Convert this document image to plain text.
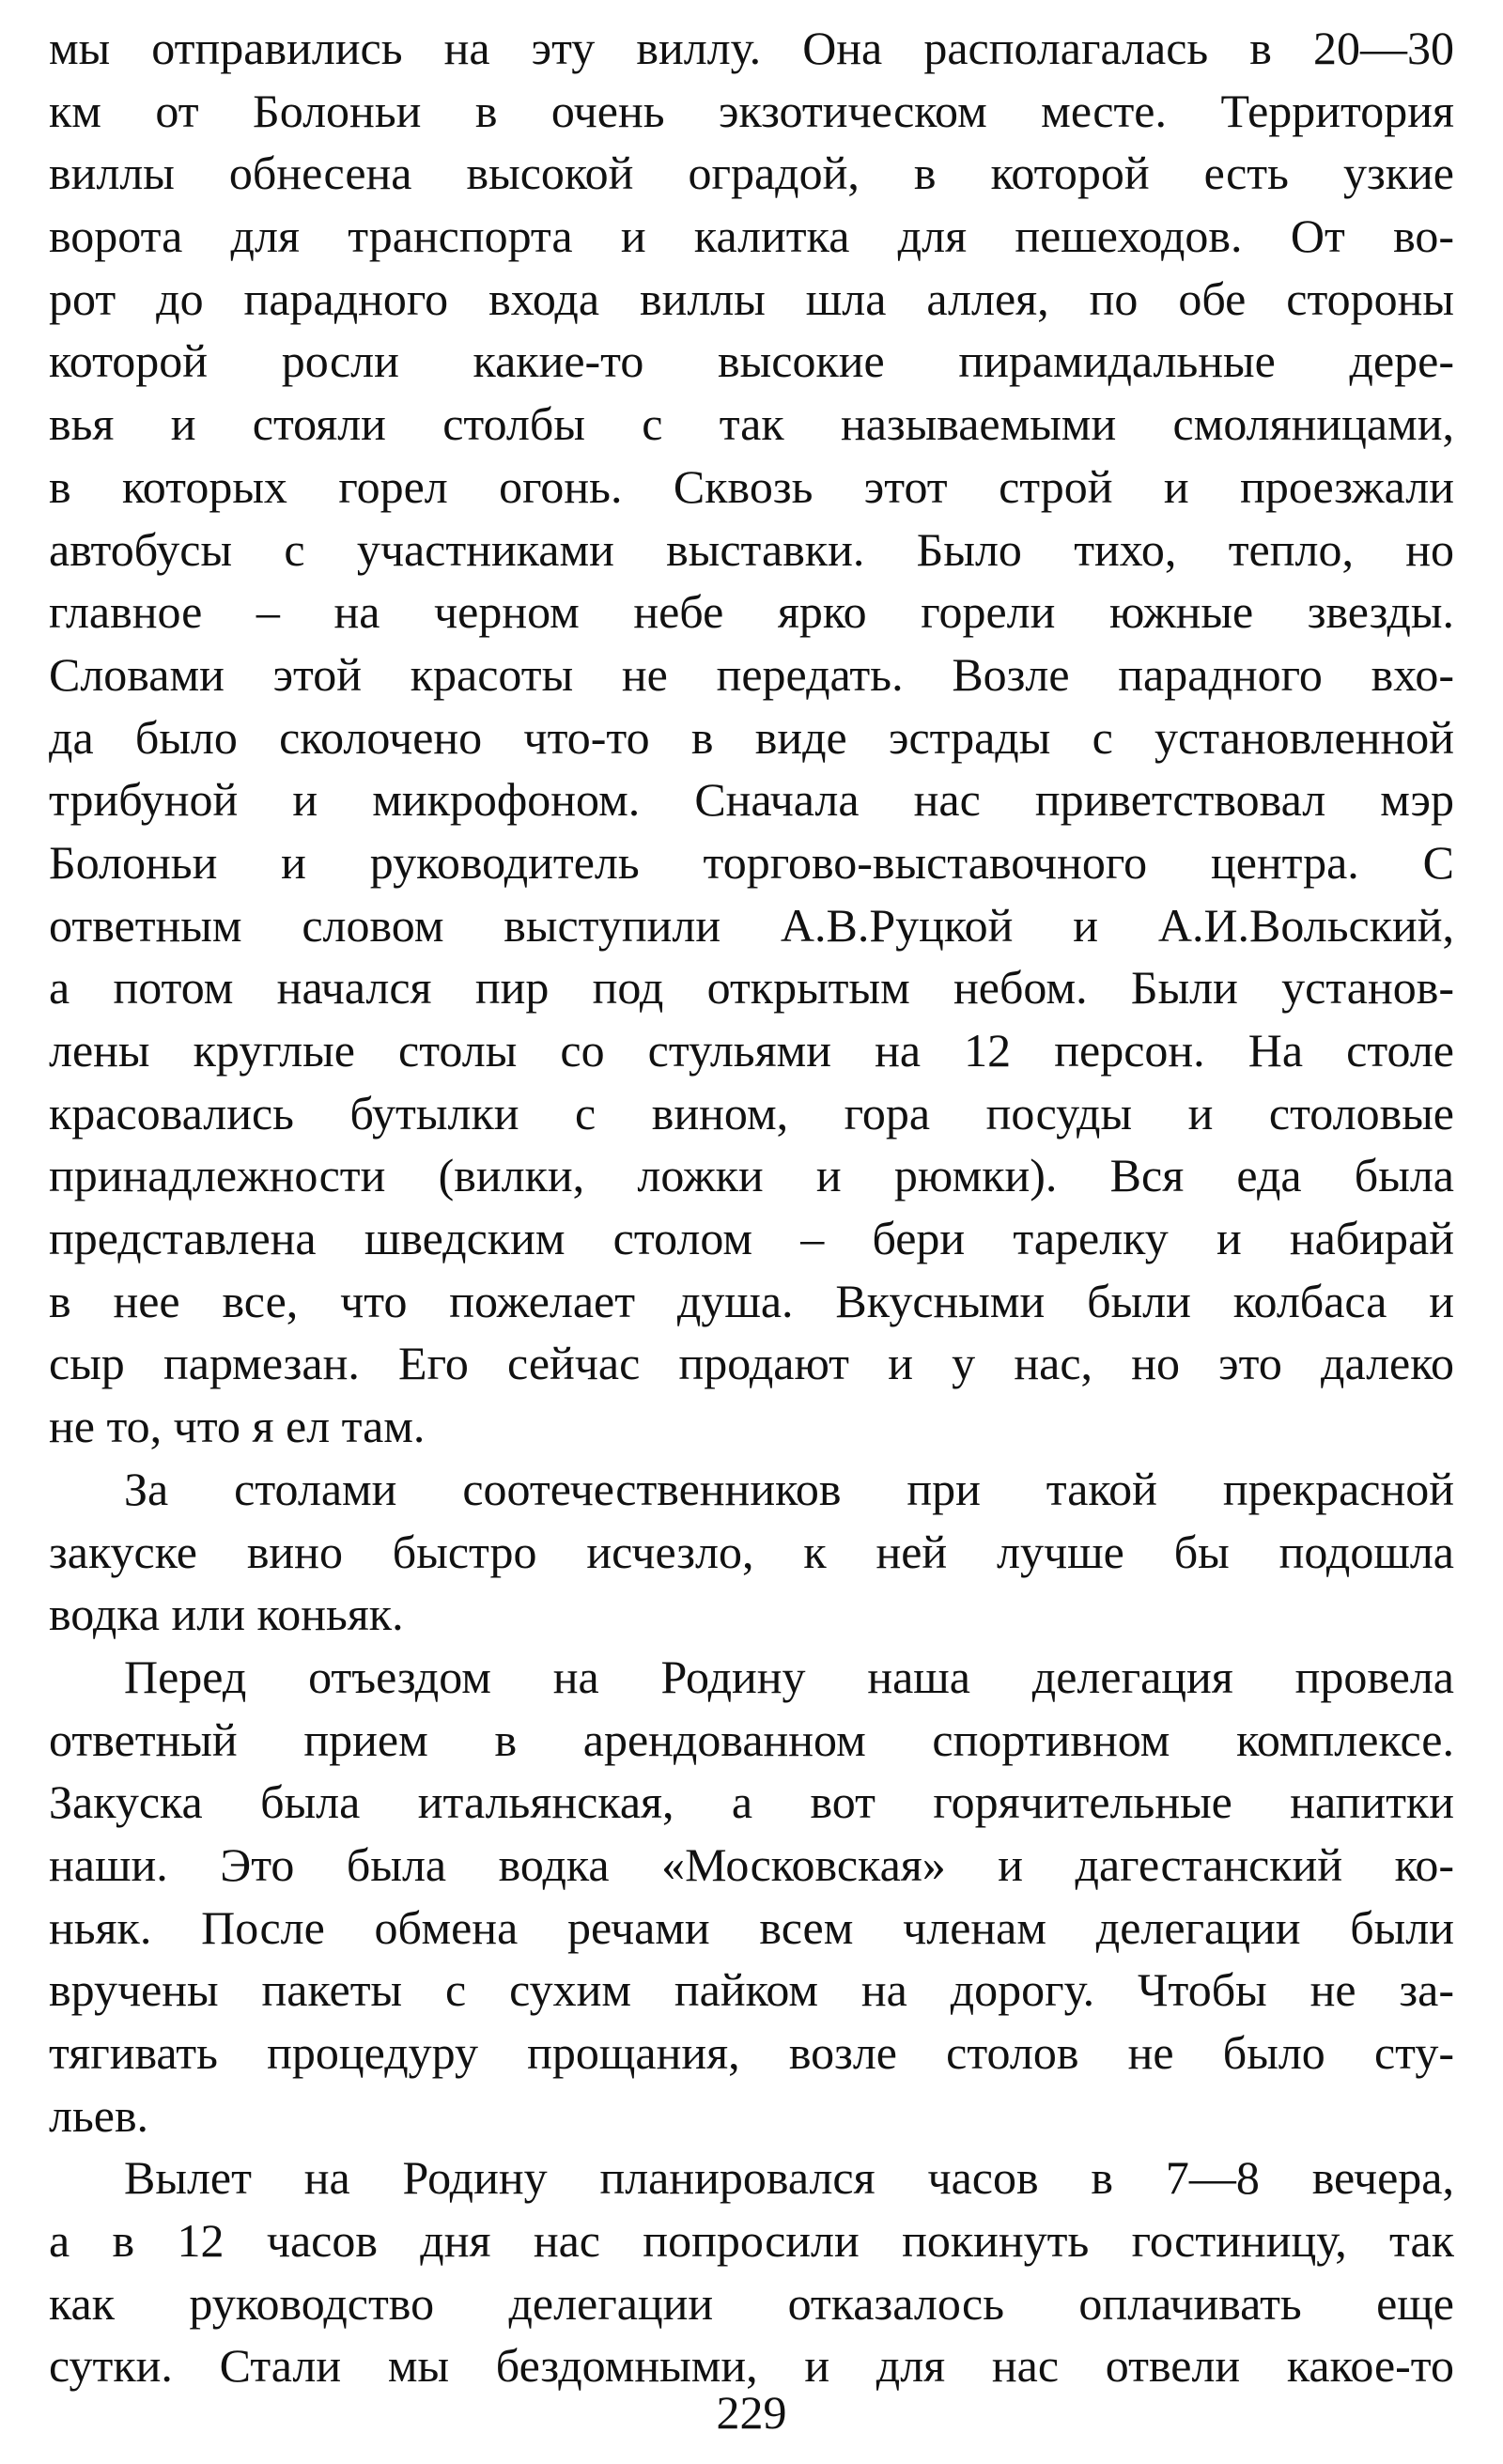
мы отправились на эту виллу. Она располагалась в 20—30
км от Болоньи в очень экзотическом месте. Территория
виллы обнесена высокой оградой, в которой есть узкие
ворота для транспорта и калитка для пешеходов. От во-
рот до парадного входа виллы шла аллея, по обе стороны
которой росли какие-то высокие пирамидальные дере-
вья и стояли столбы с так называемыми смоляницами,
в которых горел огонь. Сквозь этот строй и проезжали
автобусы с участниками выставки. Было тихо, тепло, но
главное – на черном небе ярко горели южные звезды.
Словами этой красоты не передать. Возле парадного вхо-
да было сколочено что-то в виде эстрады с установленной
трибуной и микрофоном. Сначала нас приветствовал мэр
Болоньи и руководитель торгово-выставочного центра. С
ответным словом выступили А.В.Руцкой и А.И.Вольский,
а потом начался пир под открытым небом. Были установ-
лены круглые столы со стульями на 12 персон. На столе
красовались бутылки с вином, гора посуды и столовые
принадлежности (вилки, ложки и рюмки). Вся еда была
представлена шведским столом – бери тарелку и набирай
в нее все, что пожелает душа. Вкусными были колбаса и
сыр пармезан. Его сейчас продают и у нас, но это далеко
не то, что я ел там.
За столами соотечественников при такой прекрасной
закуске вино быстро исчезло, к ней лучше бы подошла
водка или коньяк.
Перед отъездом на Родину наша делегация провела
ответный прием в арендованном спортивном комплексе.
Закуска была итальянская, а вот горячительные напитки
наши. Это была водка «Московская» и дагестанский ко-
ньяк. После обмена речами всем членам делегации были
вручены пакеты с сухим пайком на дорогу. Чтобы не за-
тягивать процедуру прощания, возле столов не было сту-
льев.
Вылет на Родину планировался часов в 7—8 вечера,
а в 12 часов дня нас попросили покинуть гостиницу, так
как руководство делегации отказалось оплачивать еще
сутки. Стали мы бездомными, и для нас отвели какое-то
229
